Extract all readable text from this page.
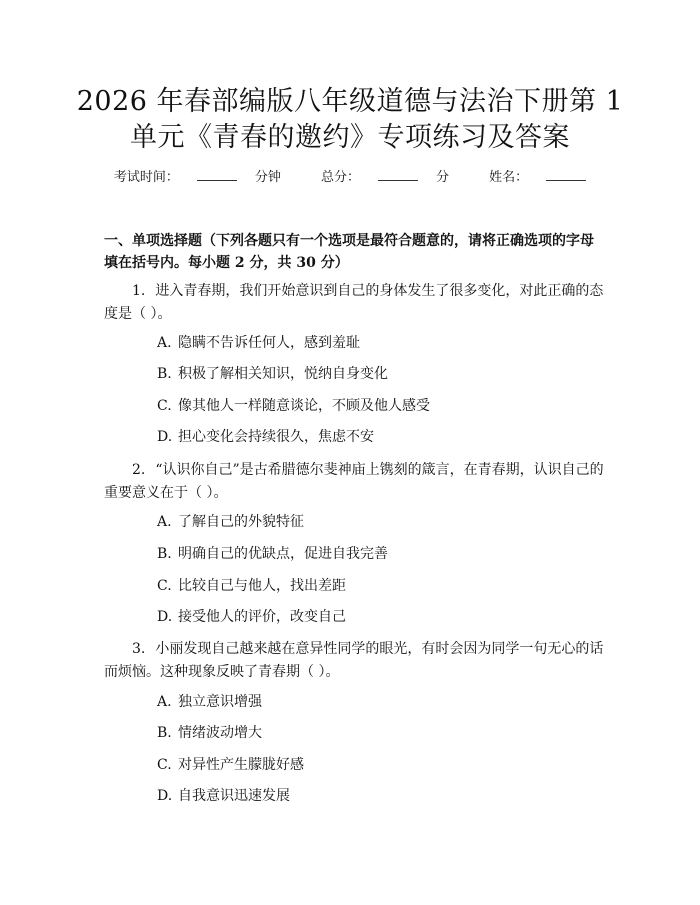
2026 年春部编版八年级道德与法治下册第 1
单元《青春的邀约》专项练习及答案
考试时间：	分钟	总分：	分	姓名：
一、单项选择题（下列各题只有一个选项是最符合题意的，请将正确选项的字母填在括号内。每小题 2 分，共 30 分）
1. 进入青春期，我们开始意识到自己的身体发生了很多变化，对此正确的态度是（ ）。
A. 隐瞒不告诉任何人，感到羞耻
B. 积极了解相关知识，悦纳自身变化
C. 像其他人一样随意谈论，不顾及他人感受
D. 担心变化会持续很久，焦虑不安
2. “认识你自己”是古希腊德尔斐神庙上镌刻的箴言，在青春期，认识自己的重要意义在于（ ）。
A. 了解自己的外貌特征
B. 明确自己的优缺点，促进自我完善
C. 比较自己与他人，找出差距
D. 接受他人的评价，改变自己
3. 小丽发现自己越来越在意异性同学的眼光，有时会因为同学一句无心的话而烦恼。这种现象反映了青春期（ ）。
A. 独立意识增强
B. 情绪波动增大
C. 对异性产生朦胧好感
D. 自我意识迅速发展
